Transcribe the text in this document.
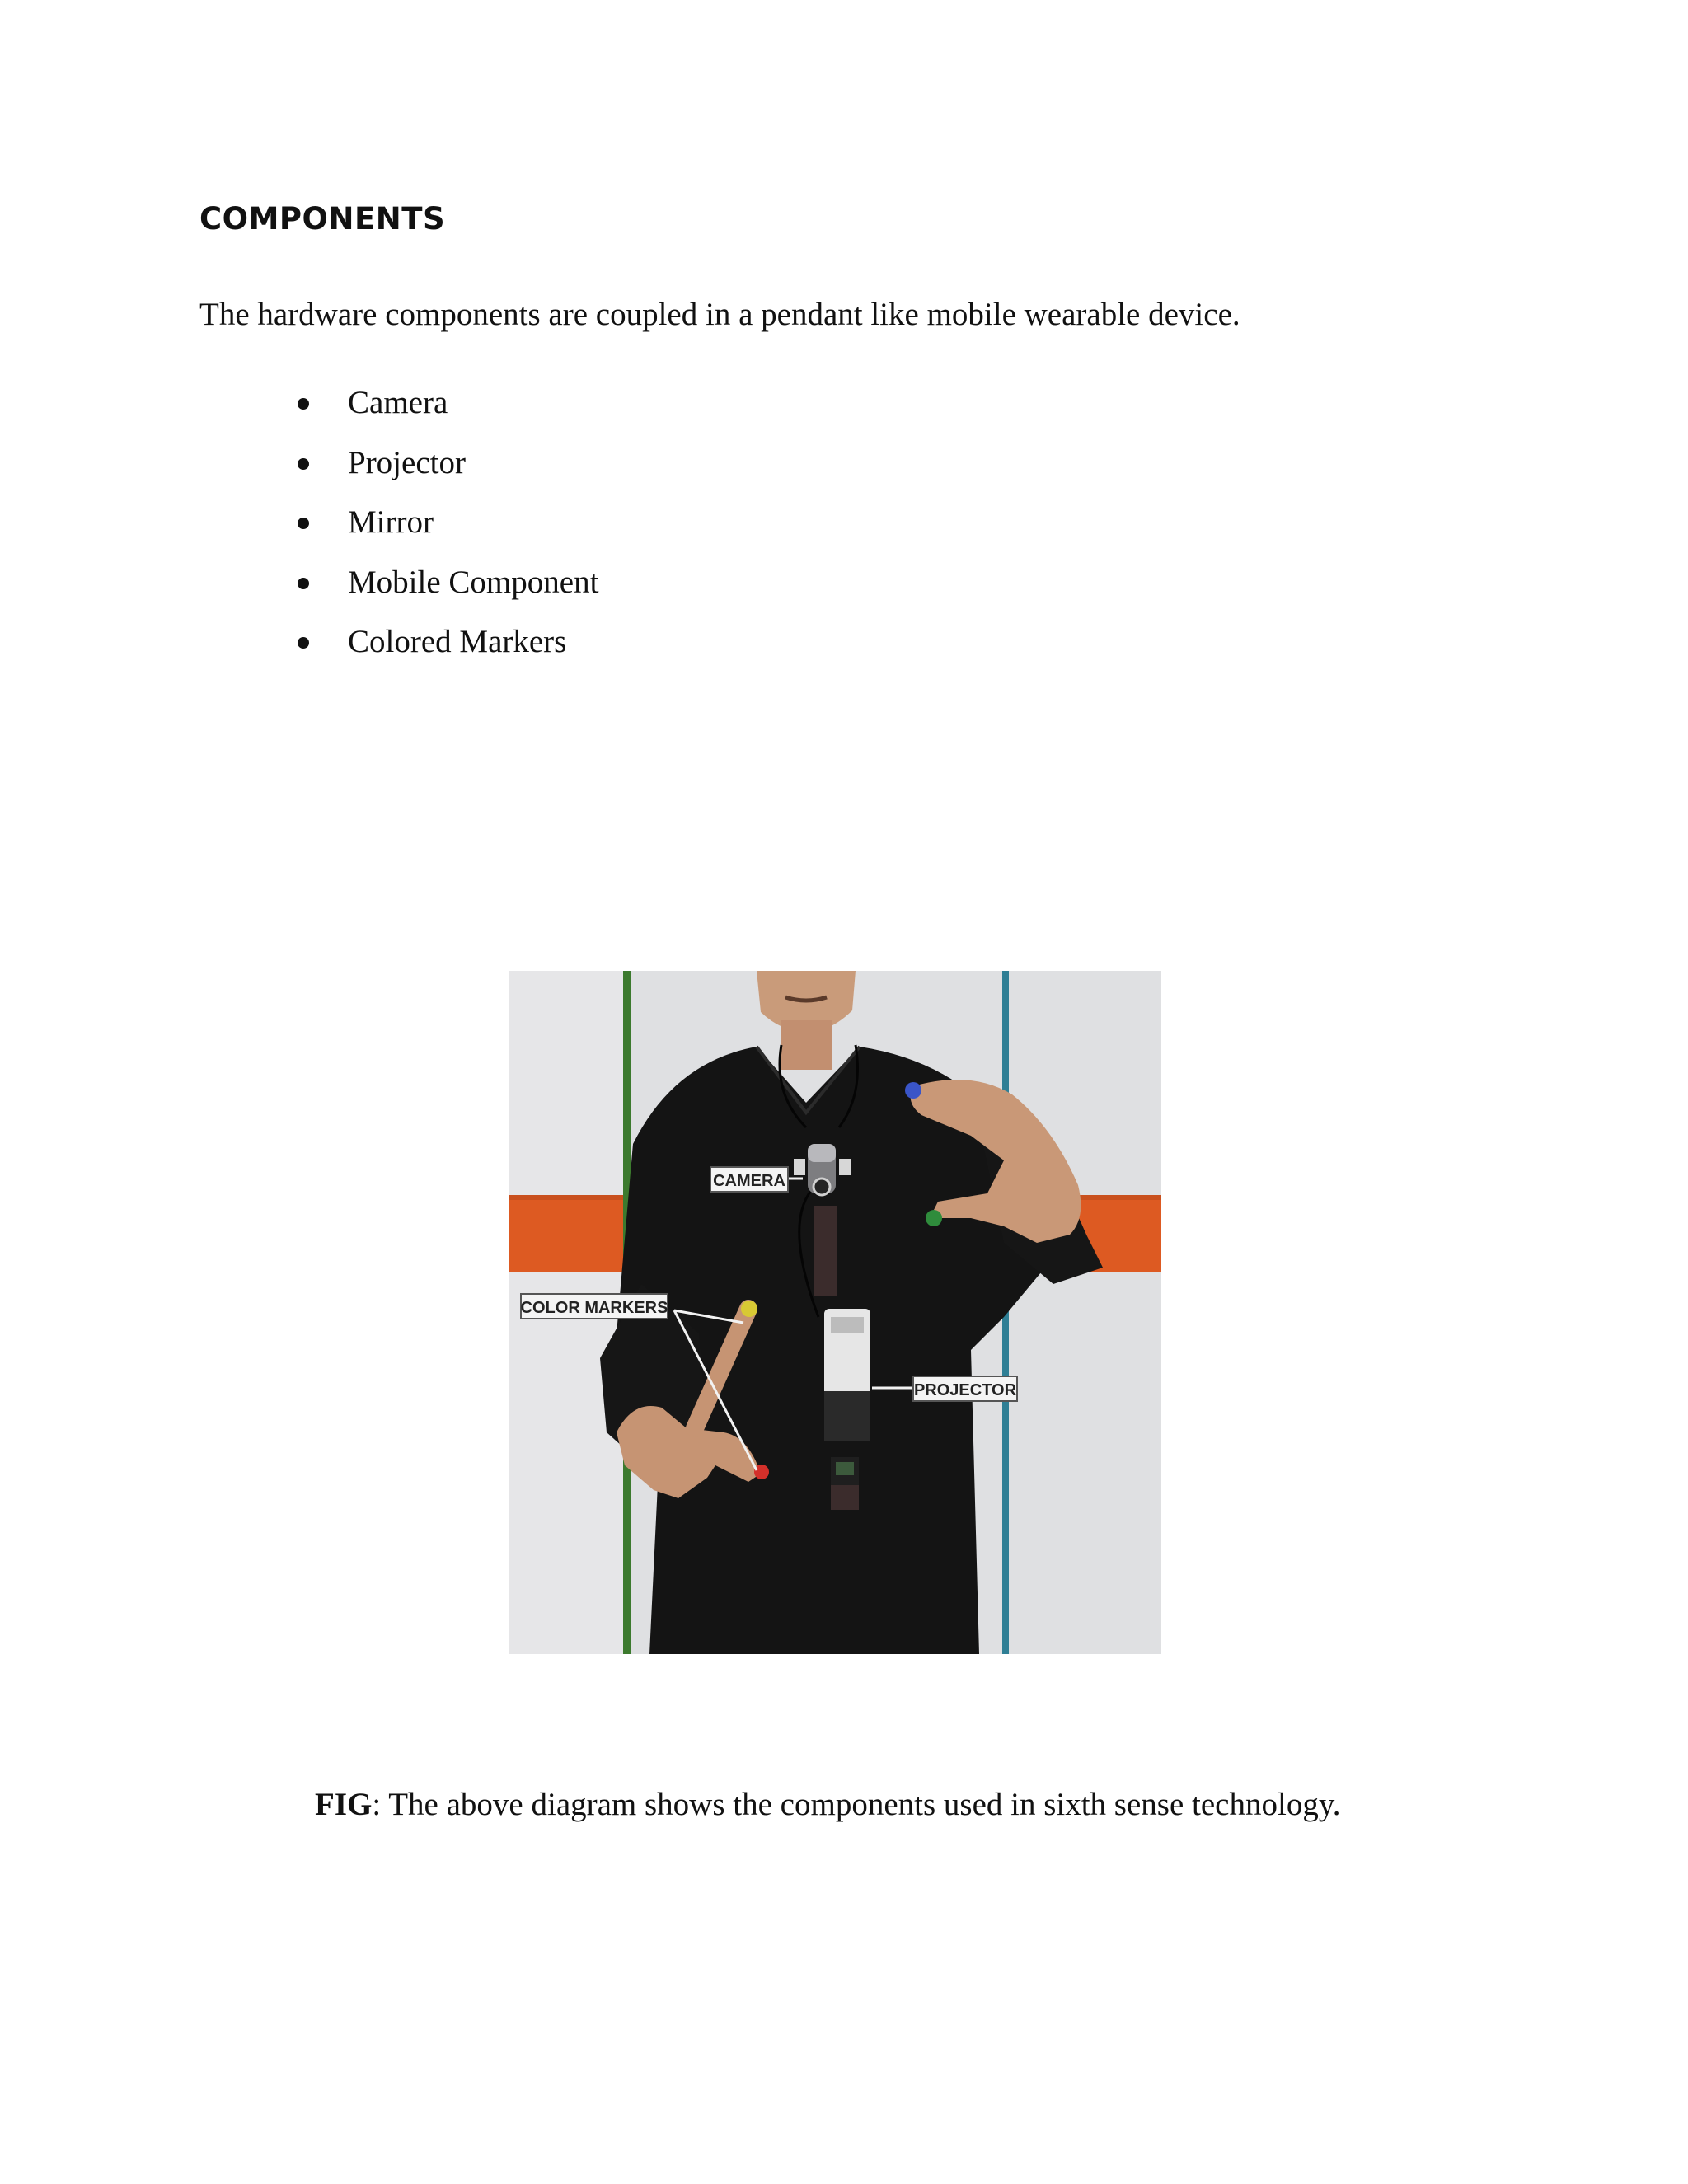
COMPONENTS

The hardware components are coupled in a pendant like mobile wearable device.

Camera
Projector
Mirror
Mobile Component
Colored Markers
CAMERA
COLOR MARKERS
PROJECTOR

FIG: The above diagram shows the components used in sixth sense technology.
